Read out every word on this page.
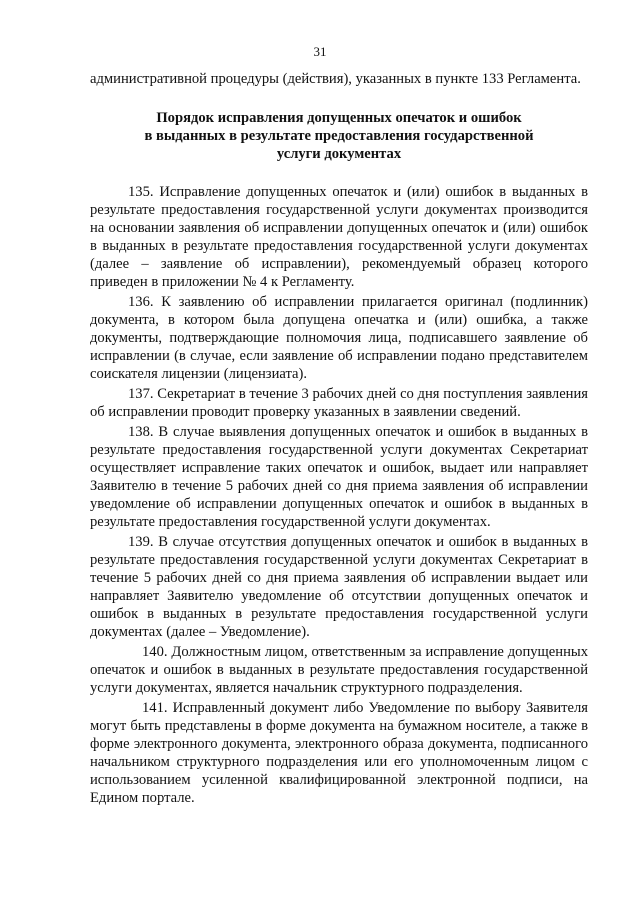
31

административной процедуры (действия), указанных в пункте 133 Регламента.

Порядок исправления допущенных опечаток и ошибок
в выданных в результате предоставления государственной
услуги документах

135. Исправление допущенных опечаток и (или) ошибок в выданных в результате предоставления государственной услуги документах производится на основании заявления об исправлении допущенных опечаток и (или) ошибок в выданных в результате предоставления государственной услуги документах (далее – заявление об исправлении), рекомендуемый образец которого приведен в приложении № 4 к Регламенту.

136. К заявлению об исправлении прилагается оригинал (подлинник) документа, в котором была допущена опечатка и (или) ошибка, а также документы, подтверждающие полномочия лица, подписавшего заявление об исправлении (в случае, если заявление об исправлении подано представителем соискателя лицензии (лицензиата).

137. Секретариат в течение 3 рабочих дней со дня поступления заявления об исправлении проводит проверку указанных в заявлении сведений.

138. В случае выявления допущенных опечаток и ошибок в выданных в результате предоставления государственной услуги документах Секретариат осуществляет исправление таких опечаток и ошибок, выдает или направляет Заявителю в течение 5 рабочих дней со дня приема заявления об исправлении уведомление об исправлении допущенных опечаток и ошибок в выданных в результате предоставления государственной услуги документах.

139. В случае отсутствия допущенных опечаток и ошибок в выданных в результате предоставления государственной услуги документах Секретариат в течение 5 рабочих дней со дня приема заявления об исправлении выдает или направляет Заявителю уведомление об отсутствии допущенных опечаток и ошибок в выданных в результате предоставления государственной услуги документах (далее – Уведомление).

140. Должностным лицом, ответственным за исправление допущенных опечаток и ошибок в выданных в результате предоставления государственной услуги документах, является начальник структурного подразделения.

141. Исправленный документ либо Уведомление по выбору Заявителя могут быть представлены в форме документа на бумажном носителе, а также в форме электронного документа, электронного образа документа, подписанного начальником структурного подразделения или его уполномоченным лицом с использованием усиленной квалифицированной электронной подписи, на Едином портале.
